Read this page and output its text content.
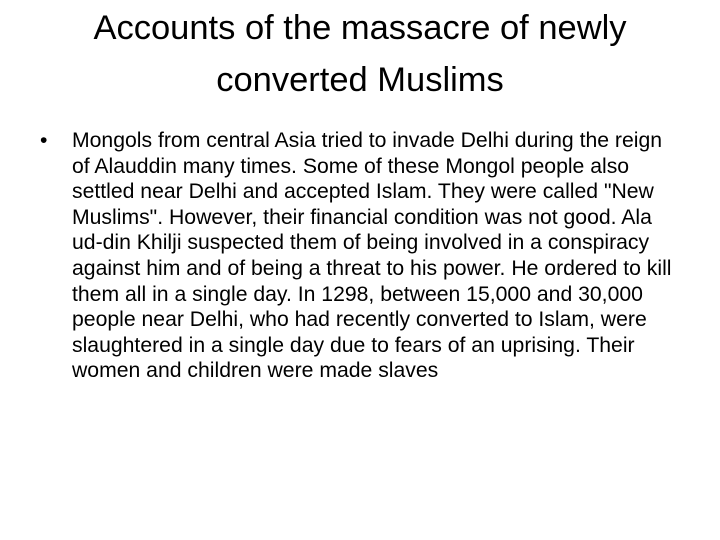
Accounts of the massacre of newly converted Muslims

•	Mongols from central Asia tried to invade Delhi during the reign of Alauddin many times. Some of these Mongol people also settled near Delhi and accepted Islam. They were called "New Muslims". However, their financial condition was not good. Ala ud-din Khilji suspected them of being involved in a conspiracy against him and of being a threat to his power. He ordered to kill them all in a single day. In 1298, between 15,000 and 30,000 people near Delhi, who had recently converted to Islam, were slaughtered in a single day due to fears of an uprising. Their women and children were made slaves
